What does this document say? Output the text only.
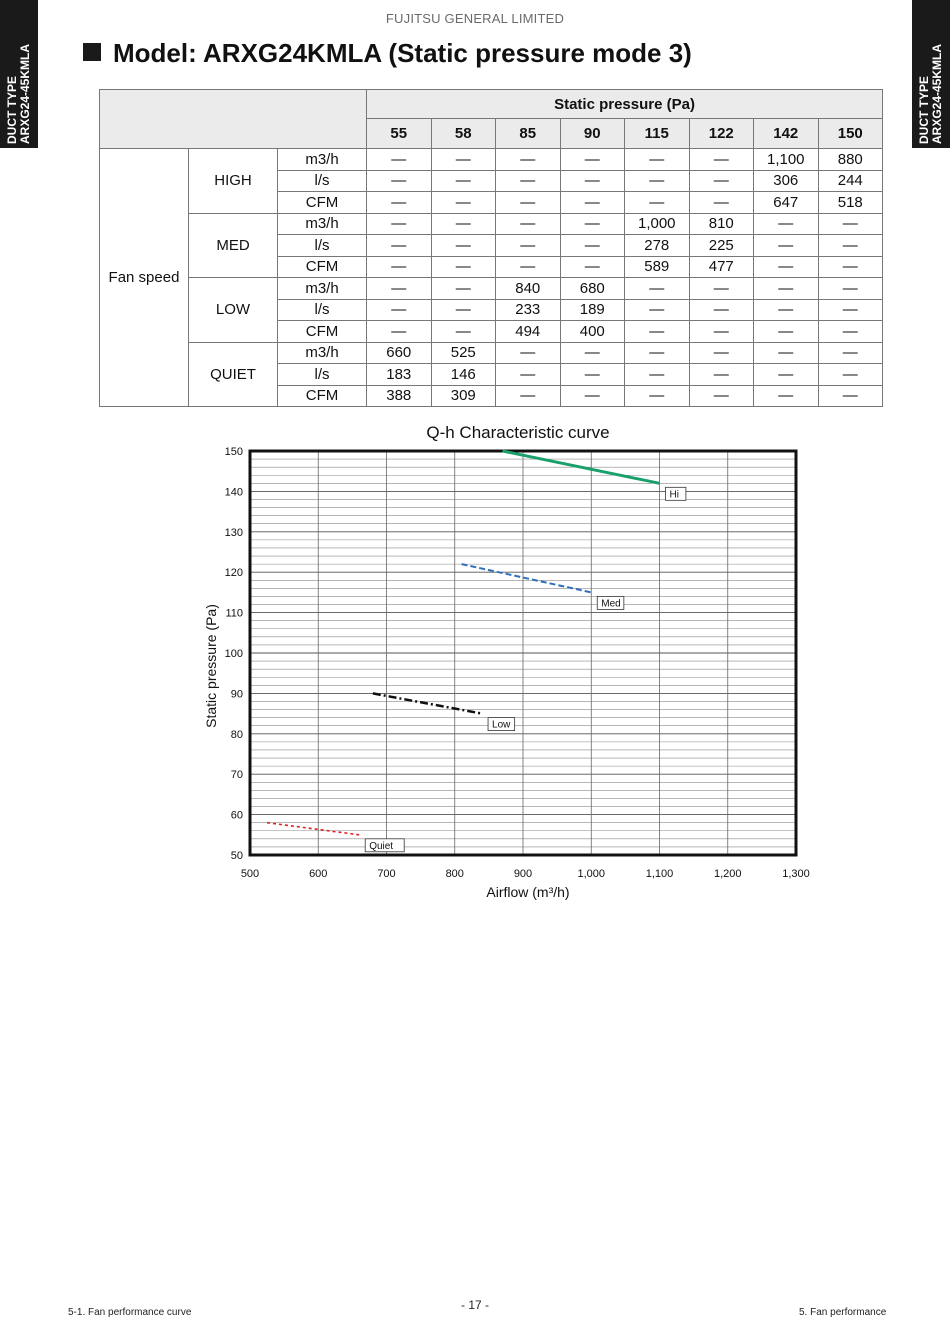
FUJITSU GENERAL LIMITED
DUCT TYPE ARXG24-45KMLA	DUCT TYPE ARXG24-45KMLA
Model: ARXG24KMLA (Static pressure mode 3)
			Static pressure (Pa)							
			55	58	85	90	115	122	142	150
Fan speed	HIGH	m3/h	—	—	—	—	—	—	1,100	880
		l/s	—	—	—	—	—	—	306	244
		CFM	—	—	—	—	—	—	647	518
	MED	m3/h	—	—	—	—	1,000	810	—	—
		l/s	—	—	—	—	278	225	—	—
		CFM	—	—	—	—	589	477	—	—
	LOW	m3/h	—	—	840	680	—	—	—	—
		l/s	—	—	233	189	—	—	—	—
		CFM	—	—	494	400	—	—	—	—
	QUIET	m3/h	660	525	—	—	—	—	—	—
		l/s	183	146	—	—	—	—	—	—
		CFM	388	309	—	—	—	—	—	—
Q-h Characteristic curve
50
60
70
80
90
100
110
120
130
140
150
500	600	700	800	900	1,000	1,100	1,200	1,300
Hi
Med
Low
Quiet
Airflow (m³/h)
Static pressure (Pa)
5-1. Fan performance curve
- 17 -
5. Fan performance
